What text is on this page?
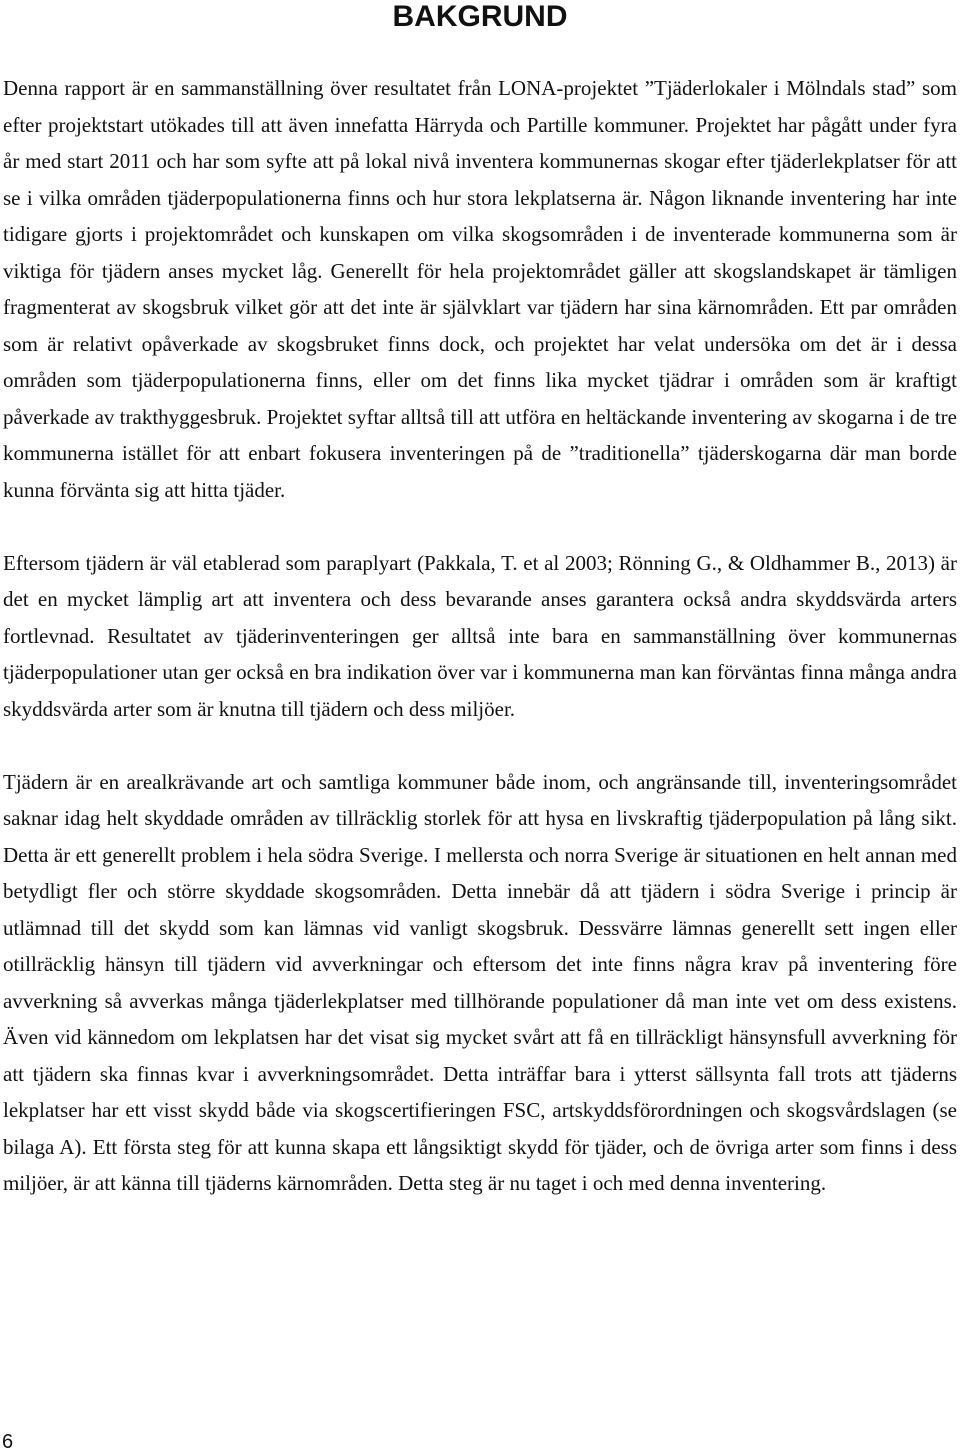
BAKGRUND

Denna rapport är en sammanställning över resultatet från LONA-projektet ”Tjäderlokaler i Mölndals stad” som efter projektstart utökades till att även innefatta Härryda och Partille kommuner. Projektet har pågått under fyra år med start 2011 och har som syfte att på lokal nivå inventera kommunernas skogar efter tjäderlekplatser för att se i vilka områden tjäderpopulationerna finns och hur stora lekplatserna är. Någon liknande inventering har inte tidigare gjorts i projektområdet och kunskapen om vilka skogsområden i de inventerade kommunerna som är viktiga för tjädern anses mycket låg. Generellt för hela projektområdet gäller att skogslandskapet är tämligen fragmenterat av skogsbruk vilket gör att det inte är självklart var tjädern har sina kärnområden. Ett par områden som är relativt opåverkade av skogsbruket finns dock, och projektet har velat undersöka om det är i dessa områden som tjäderpopulationerna finns, eller om det finns lika mycket tjädrar i områden som är kraftigt påverkade av trakthyggesbruk. Projektet syftar alltså till att utföra en heltäckande inventering av skogarna i de tre kommunerna istället för att enbart fokusera inventeringen på de ”traditionella” tjäderskogarna där man borde kunna förvänta sig att hitta tjäder.

Eftersom tjädern är väl etablerad som paraplyart (Pakkala, T. et al 2003; Rönning G., & Oldhammer B., 2013) är det en mycket lämplig art att inventera och dess bevarande anses garantera också andra skyddsvärda arters fortlevnad. Resultatet av tjäderinventeringen ger alltså inte bara en sammanställning över kommunernas tjäderpopulationer utan ger också en bra indikation över var i kommunerna man kan förväntas finna många andra skyddsvärda arter som är knutna till tjädern och dess miljöer.

Tjädern är en arealkrävande art och samtliga kommuner både inom, och angränsande till, inventeringsområdet saknar idag helt skyddade områden av tillräcklig storlek för att hysa en livskraftig tjäderpopulation på lång sikt. Detta är ett generellt problem i hela södra Sverige. I mellersta och norra Sverige är situationen en helt annan med betydligt fler och större skyddade skogsområden. Detta innebär då att tjädern i södra Sverige i princip är utlämnad till det skydd som kan lämnas vid vanligt skogsbruk. Dessvärre lämnas generellt sett ingen eller otillräcklig hänsyn till tjädern vid avverkningar och eftersom det inte finns några krav på inventering före avverkning så avverkas många tjäderlekplatser med tillhörande populationer då man inte vet om dess existens. Även vid kännedom om lekplatsen har det visat sig mycket svårt att få en tillräckligt hänsynsfull avverkning för att tjädern ska finnas kvar i avverkningsområdet. Detta inträffar bara i ytterst sällsynta fall trots att tjäderns lekplatser har ett visst skydd både via skogscertifieringen FSC, artskyddsförordningen och skogsvårdslagen (se bilaga A). Ett första steg för att kunna skapa ett långsiktigt skydd för tjäder, och de övriga arter som finns i dess miljöer, är att känna till tjäderns kärnområden. Detta steg är nu taget i och med denna inventering.

6
